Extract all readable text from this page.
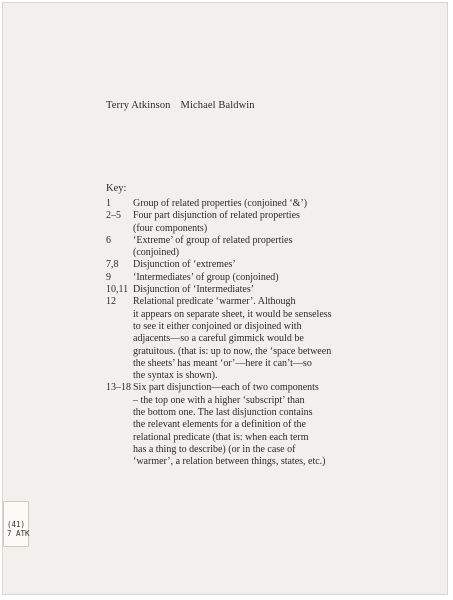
Terry Atkinson Michael Baldwin
Key:
1	Group of related properties (conjoined ‘&’)
2–5	Four part disjunction of related properties
(four components)
6	‘Extreme’ of group of related properties
(conjoined)
7,8	Disjunction of ‘extremes’
9	‘Intermediates’ of group (conjoined)
10,11 Disjunction of ‘Intermediates’
12	Relational predicate ‘warmer’. Although
it appears on separate sheet, it would be senseless
to see it either conjoined or disjoined with
adjacents—so a careful gimmick would be
gratuitous. (that is: up to now, the ‘space between
the sheets’ has meant ‘or’—here it can’t—so
the syntax is shown).
13–18 Six part disjunction—each of two components
– the top one with a higher ‘subscript’ than
the bottom one. The last disjunction contains
the relevant elements for a definition of the
relational predicate (that is: when each term
has a thing to describe) (or in the case of
‘warmer’, a relation between things, states, etc.)
(41)
7 ATK
